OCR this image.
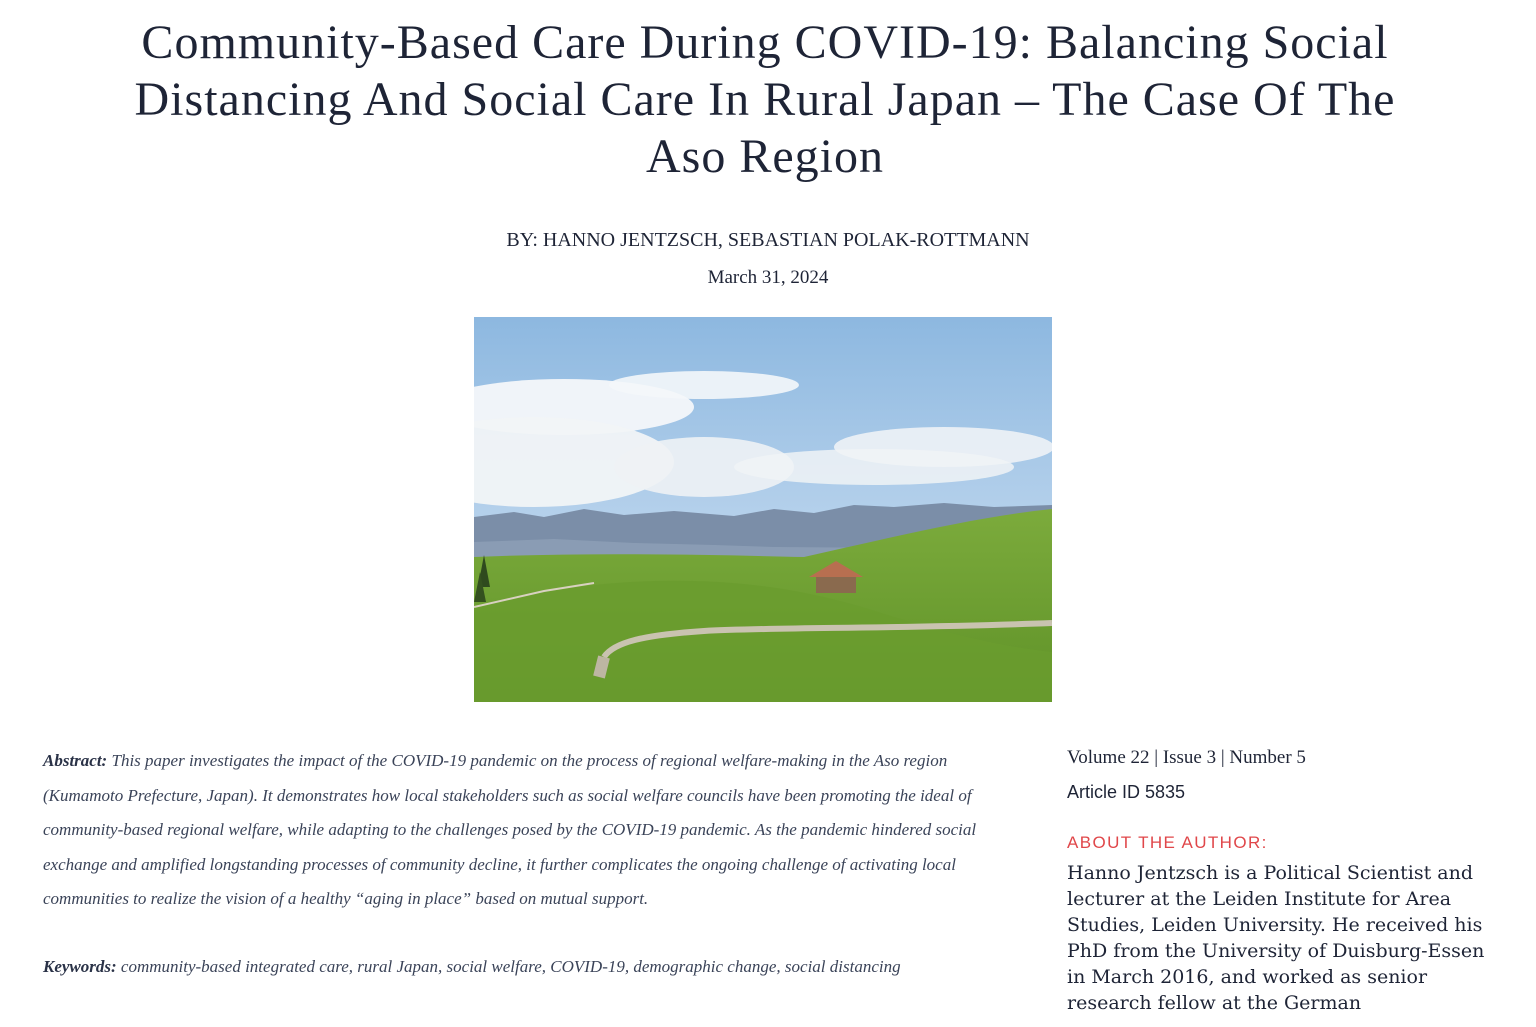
Community-Based Care During COVID-19: Balancing Social Distancing And Social Care In Rural Japan – The Case Of The Aso Region
BY: HANNO JENTZSCH, SEBASTIAN POLAK-ROTTMANN
March 31, 2024

Abstract: This paper investigates the impact of the COVID-19 pandemic on the process of regional welfare-making in the Aso region (Kumamoto Prefecture, Japan). It demonstrates how local stakeholders such as social welfare councils have been promoting the ideal of community-based regional welfare, while adapting to the challenges posed by the COVID-19 pandemic. As the pandemic hindered social exchange and amplified longstanding processes of community decline, it further complicates the ongoing challenge of activating local communities to realize the vision of a healthy “aging in place” based on mutual support.

Keywords: community-based integrated care, rural Japan, social welfare, COVID-19, demographic change, social distancing

Volume 22 | Issue 3 | Number 5
Article ID 5835
ABOUT THE AUTHOR:
Hanno Jentzsch is a Political Scientist and lecturer at the Leiden Institute for Area Studies, Leiden University. He received his PhD from the University of Duisburg-Essen in March 2016, and worked as senior research fellow at the German
